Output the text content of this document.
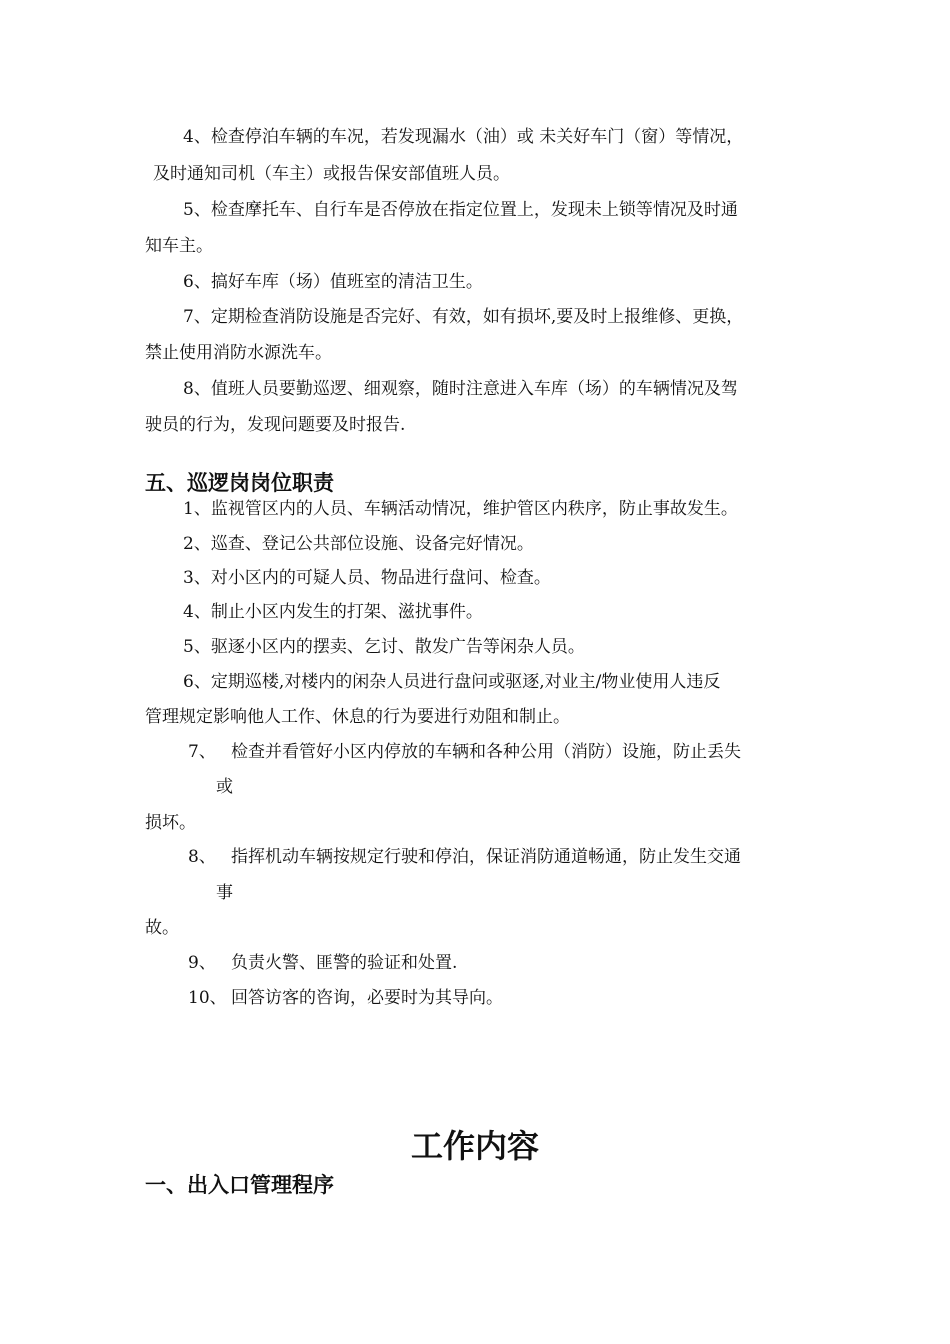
4、检查停泊车辆的车况，若发现漏水（油）或 未关好车门（窗）等情况，
及时通知司机（车主）或报告保安部值班人员。
5、检查摩托车、自行车是否停放在指定位置上，发现未上锁等情况及时通
知车主。
6、搞好车库（场）值班室的清洁卫生。
7、定期检查消防设施是否完好、有效，如有损坏,要及时上报维修、更换，
禁止使用消防水源洗车。
8、值班人员要勤巡逻、细观察，随时注意进入车库（场）的车辆情况及驾
驶员的行为，发现问题要及时报告.
五、巡逻岗岗位职责
1、监视管区内的人员、车辆活动情况，维护管区内秩序，防止事故发生。
2、巡查、登记公共部位设施、设备完好情况。
3、对小区内的可疑人员、物品进行盘问、检查。
4、制止小区内发生的打架、滋扰事件。
5、驱逐小区内的摆卖、乞讨、散发广告等闲杂人员。
6、定期巡楼,对楼内的闲杂人员进行盘问或驱逐,对业主/物业使用人违反
管理规定影响他人工作、休息的行为要进行劝阻和制止。
7、 检查并看管好小区内停放的车辆和各种公用（消防）设施，防止丢失
或
损坏。
8、 指挥机动车辆按规定行驶和停泊，保证消防通道畅通，防止发生交通
事
故。
9、 负责火警、匪警的验证和处置.
10、 回答访客的咨询，必要时为其导向。
工作内容
一、出入口管理程序
